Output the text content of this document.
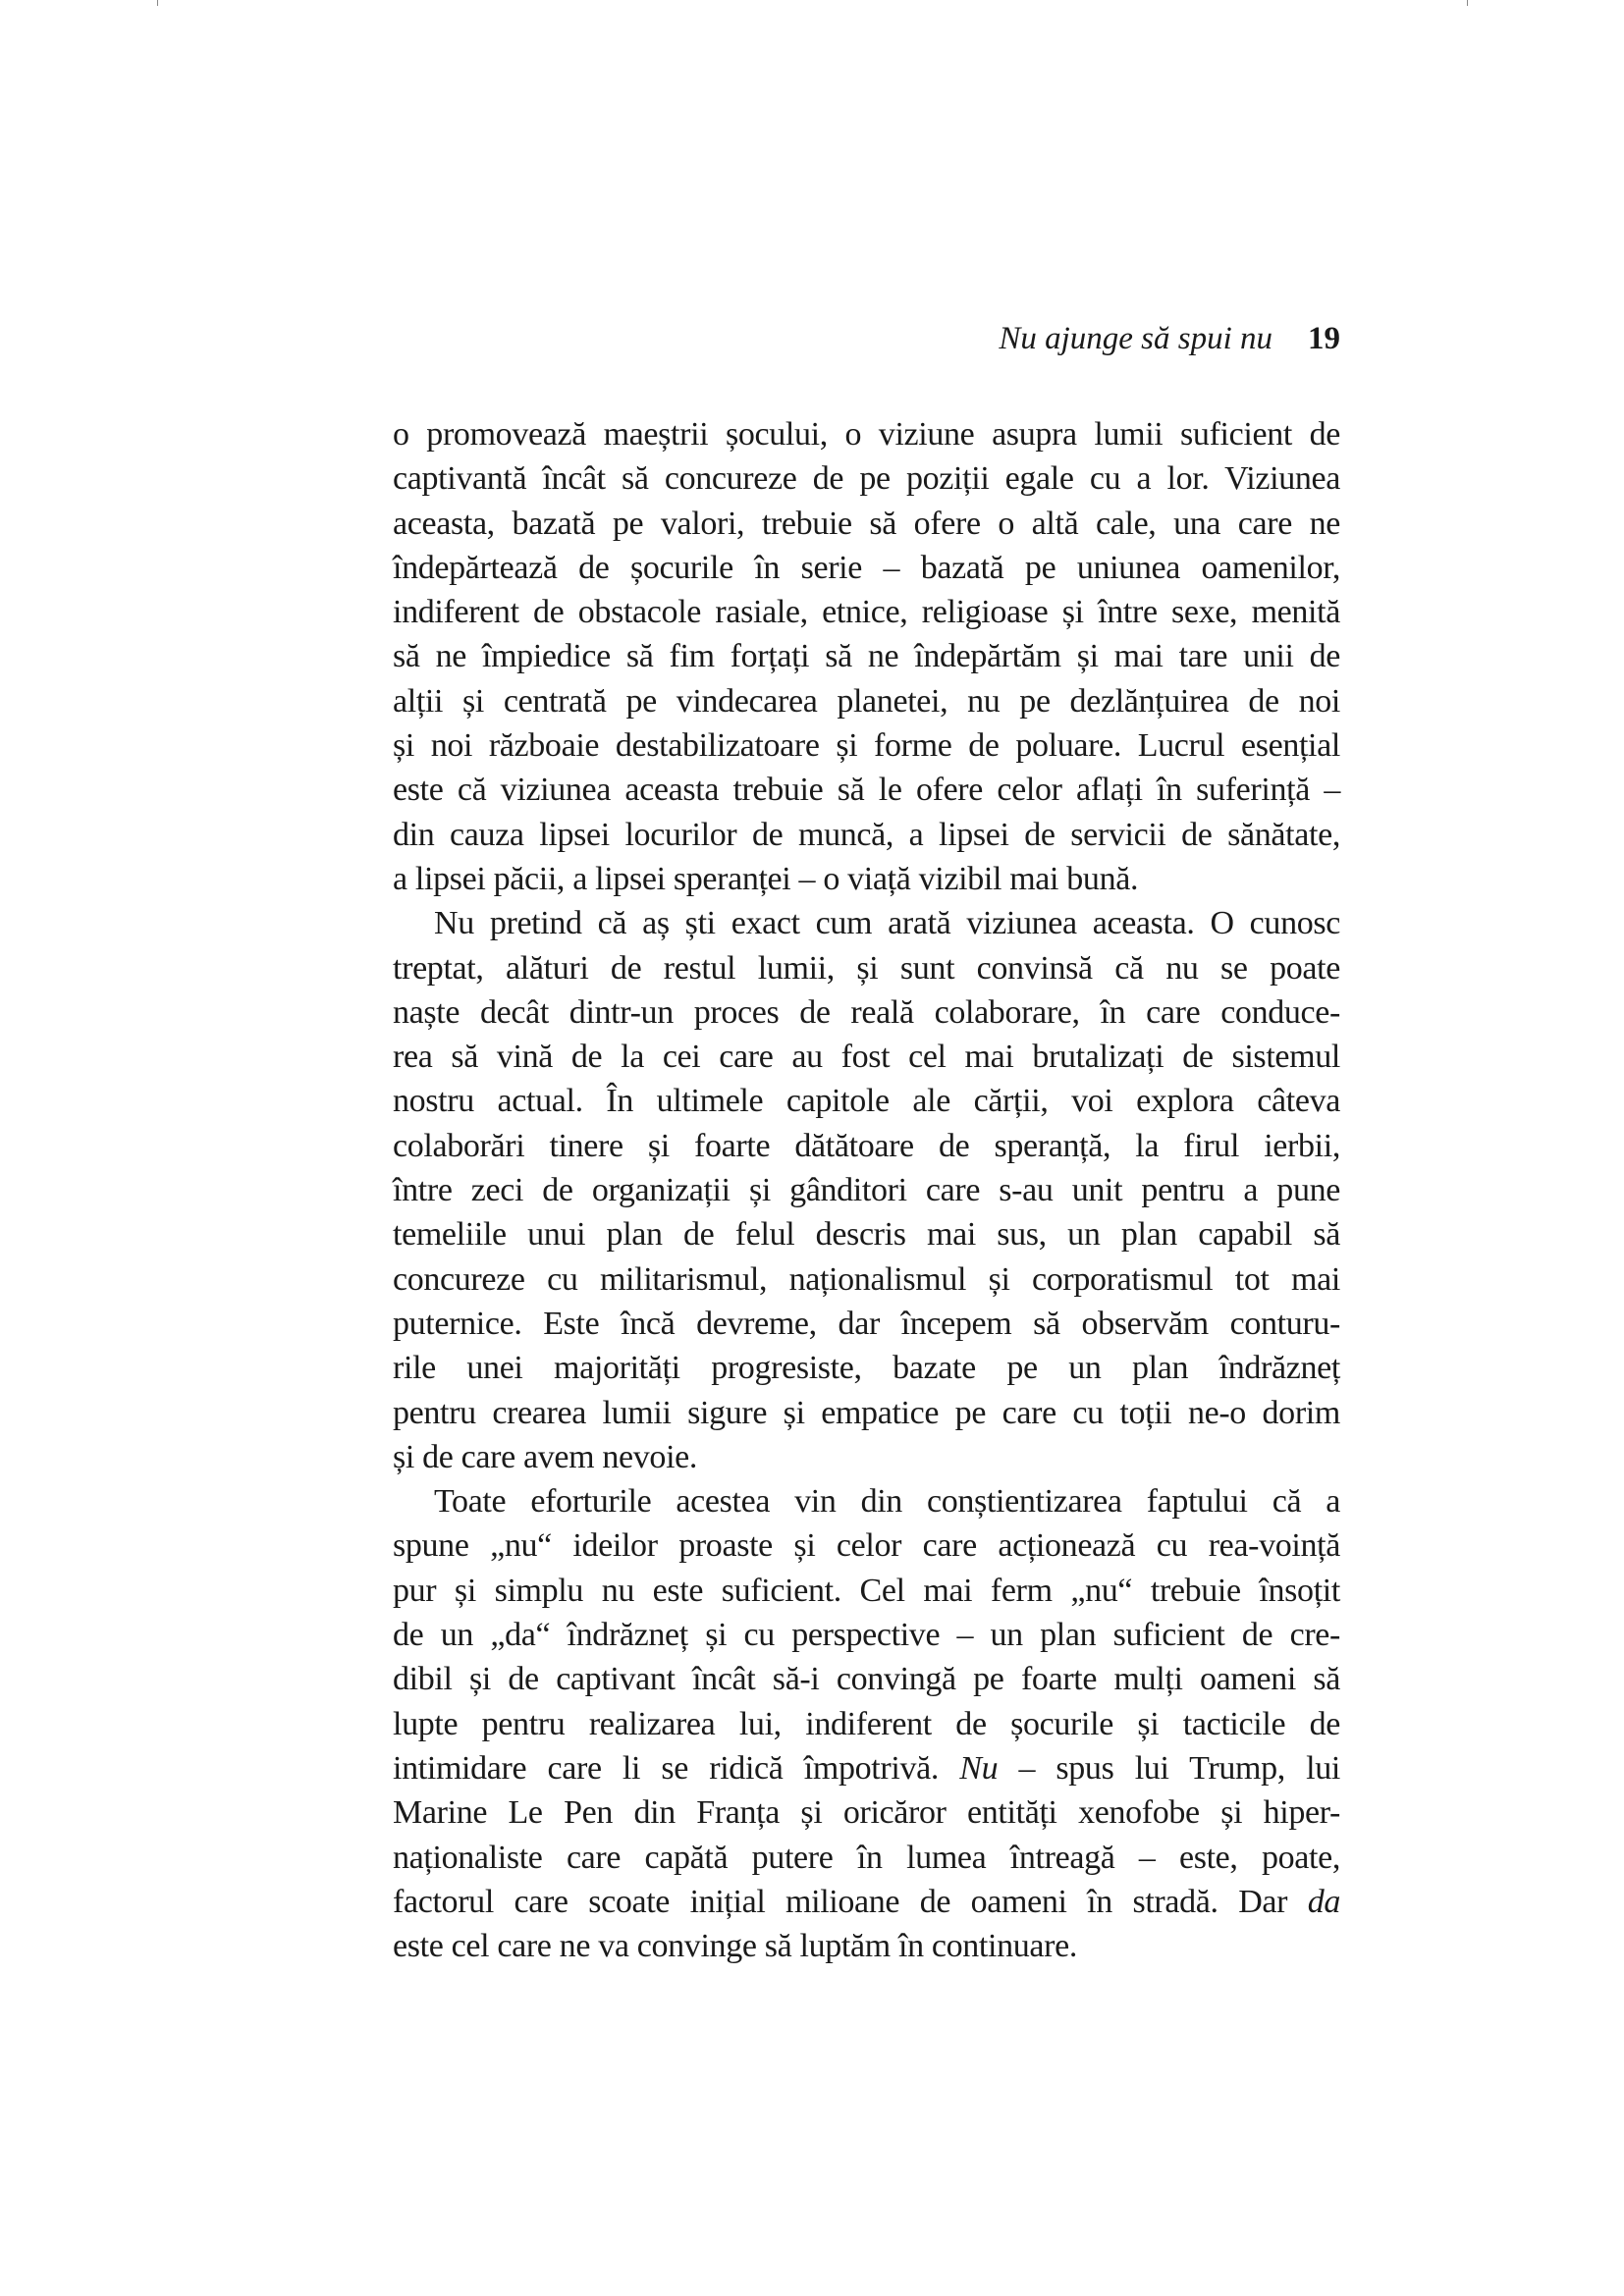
Nu ajunge să spui nu 19
o promovează maeștrii șocului, o viziune asupra lumii suficient de
captivantă încât să concureze de pe poziții egale cu a lor. Viziunea
aceasta, bazată pe valori, trebuie să ofere o altă cale, una care ne
îndepărtează de șocurile în serie – bazată pe uniunea oamenilor,
indiferent de obstacole rasiale, etnice, religioase și între sexe, menită
să ne împiedice să fim forțați să ne îndepărtăm și mai tare unii de
alții și centrată pe vindecarea planetei, nu pe dezlănțuirea de noi
și noi războaie destabilizatoare și forme de poluare. Lucrul esențial
este că viziunea aceasta trebuie să le ofere celor aflați în suferință –
din cauza lipsei locurilor de muncă, a lipsei de servicii de sănătate,
a lipsei păcii, a lipsei speranței – o viață vizibil mai bună.
Nu pretind că aș ști exact cum arată viziunea aceasta. O cunosc
treptat, alături de restul lumii, și sunt convinsă că nu se poate
naște decât dintr-un proces de reală colaborare, în care conduce-
rea să vină de la cei care au fost cel mai brutalizați de sistemul
nostru actual. În ultimele capitole ale cărții, voi explora câteva
colaborări tinere și foarte dătătoare de speranță, la firul ierbii,
între zeci de organizații și gânditori care s-au unit pentru a pune
temeliile unui plan de felul descris mai sus, un plan capabil să
concureze cu militarismul, naționalismul și corporatismul tot mai
puternice. Este încă devreme, dar începem să observăm conturu-
rile unei majorități progresiste, bazate pe un plan îndrăzneț
pentru crearea lumii sigure și empatice pe care cu toții ne-o dorim
și de care avem nevoie.
Toate eforturile acestea vin din conștientizarea faptului că a
spune „nu“ ideilor proaste și celor care acționează cu rea-voință
pur și simplu nu este suficient. Cel mai ferm „nu“ trebuie însoțit
de un „da“ îndrăzneț și cu perspective – un plan suficient de cre-
dibil și de captivant încât să-i convingă pe foarte mulți oameni să
lupte pentru realizarea lui, indiferent de șocurile și tacticile de
intimidare care li se ridică împotrivă. Nu – spus lui Trump, lui
Marine Le Pen din Franța și oricăror entități xenofobe și hiper-
naționaliste care capătă putere în lumea întreagă – este, poate,
factorul care scoate inițial milioane de oameni în stradă. Dar da
este cel care ne va convinge să luptăm în continuare.
